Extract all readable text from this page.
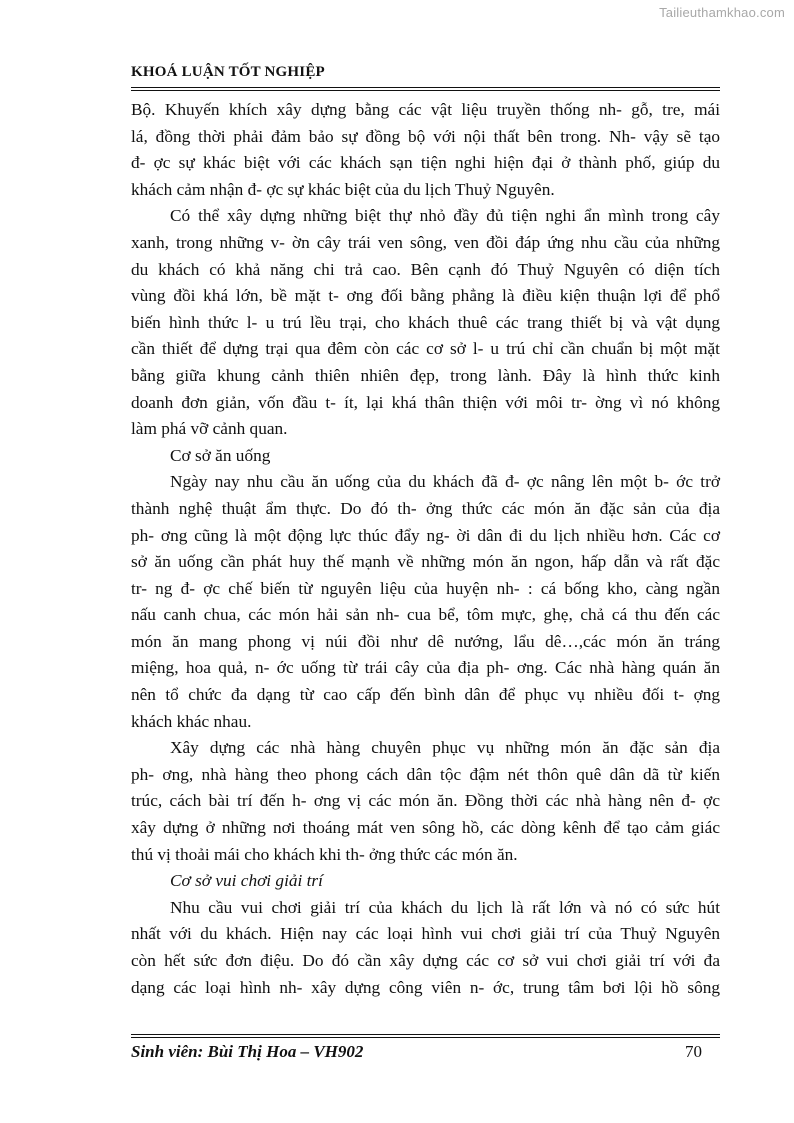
Tailieuthamkhao.com
KHOÁ LUẬN TỐT NGHIỆP

Bộ. Khuyến khích xây dựng bằng các vật liệu truyền thống nh- gỗ, tre, mái

lá, đồng thời phải đảm bảo sự đồng bộ với nội thất bên trong. Nh- vậy sẽ tạo

đ- ợc sự khác biệt với các khách sạn tiện nghi hiện đại ở thành phố, giúp du

khách cảm nhận đ- ợc sự khác biệt của du lịch Thuỷ Nguyên.

Có thể xây dựng những biệt thự nhỏ đầy đủ tiện nghi ẩn mình trong cây

xanh, trong những v- ờn cây trái ven sông, ven đồi đáp ứng nhu cầu của những

du khách có khả năng chi trả cao. Bên cạnh đó Thuỷ Nguyên có diện tích

vùng đồi khá lớn, bề mặt t- ơng đối bằng phẳng là điều kiện thuận lợi để phổ

biến hình thức l- u trú lều trại, cho khách thuê các trang thiết bị và vật dụng

cần thiết để dựng trại qua đêm còn các cơ sở l- u trú chỉ cần chuẩn bị một mặt

bằng giữa khung cảnh thiên nhiên đẹp, trong lành. Đây là hình thức kinh

doanh đơn giản, vốn đầu t- ít, lại khá thân thiện với môi tr- ờng vì nó không

làm phá vỡ cảnh quan.

Cơ sở ăn uống

Ngày nay nhu cầu ăn uống của du khách đã đ- ợc nâng lên một b- ớc trở

thành nghệ thuật ẩm thực. Do đó th- ởng thức các món ăn đặc sản của địa

ph- ơng cũng là một động lực thúc đẩy ng- ời dân đi du lịch nhiều hơn. Các cơ

sở ăn uống cần phát huy thế mạnh về những món ăn ngon, hấp dẫn và rất đặc

tr- ng đ- ợc chế biến từ nguyên liệu của huyện nh- : cá bống kho, càng ngần

nấu canh chua, các món hải sản nh- cua bể, tôm mực, ghẹ, chả cá thu đến các

món ăn mang phong vị núi đồi như dê nướng, lẩu dê…,các món ăn tráng

miệng, hoa quả, n- ớc uống từ trái cây của địa ph- ơng. Các nhà hàng quán ăn

nên tổ chức đa dạng từ cao cấp đến bình dân để phục vụ nhiều đối t- ợng

khách khác nhau.

Xây dựng các nhà hàng chuyên phục vụ những món ăn đặc sản địa

ph- ơng, nhà hàng theo phong cách dân tộc đậm nét thôn quê dân dã từ kiến

trúc, cách bài trí đến h- ơng vị các món ăn. Đồng thời các nhà hàng nên đ- ợc

xây dựng ở những nơi thoáng mát ven sông hồ, các dòng kênh để tạo cảm giác

thú vị thoải mái cho khách khi th- ởng thức các món ăn.

Cơ sở vui chơi giải trí

Nhu cầu vui chơi giải trí của khách du lịch là rất lớn và nó có sức hút

nhất với du khách. Hiện nay các loại hình vui chơi giải trí của Thuỷ Nguyên

còn hết sức đơn điệu. Do đó cần xây dựng các cơ sở vui chơi giải trí với đa

dạng các loại hình nh- xây dựng công viên n- ớc, trung tâm bơi lội hồ sông

Sinh viên: Bùi Thị Hoa – VH902	70
